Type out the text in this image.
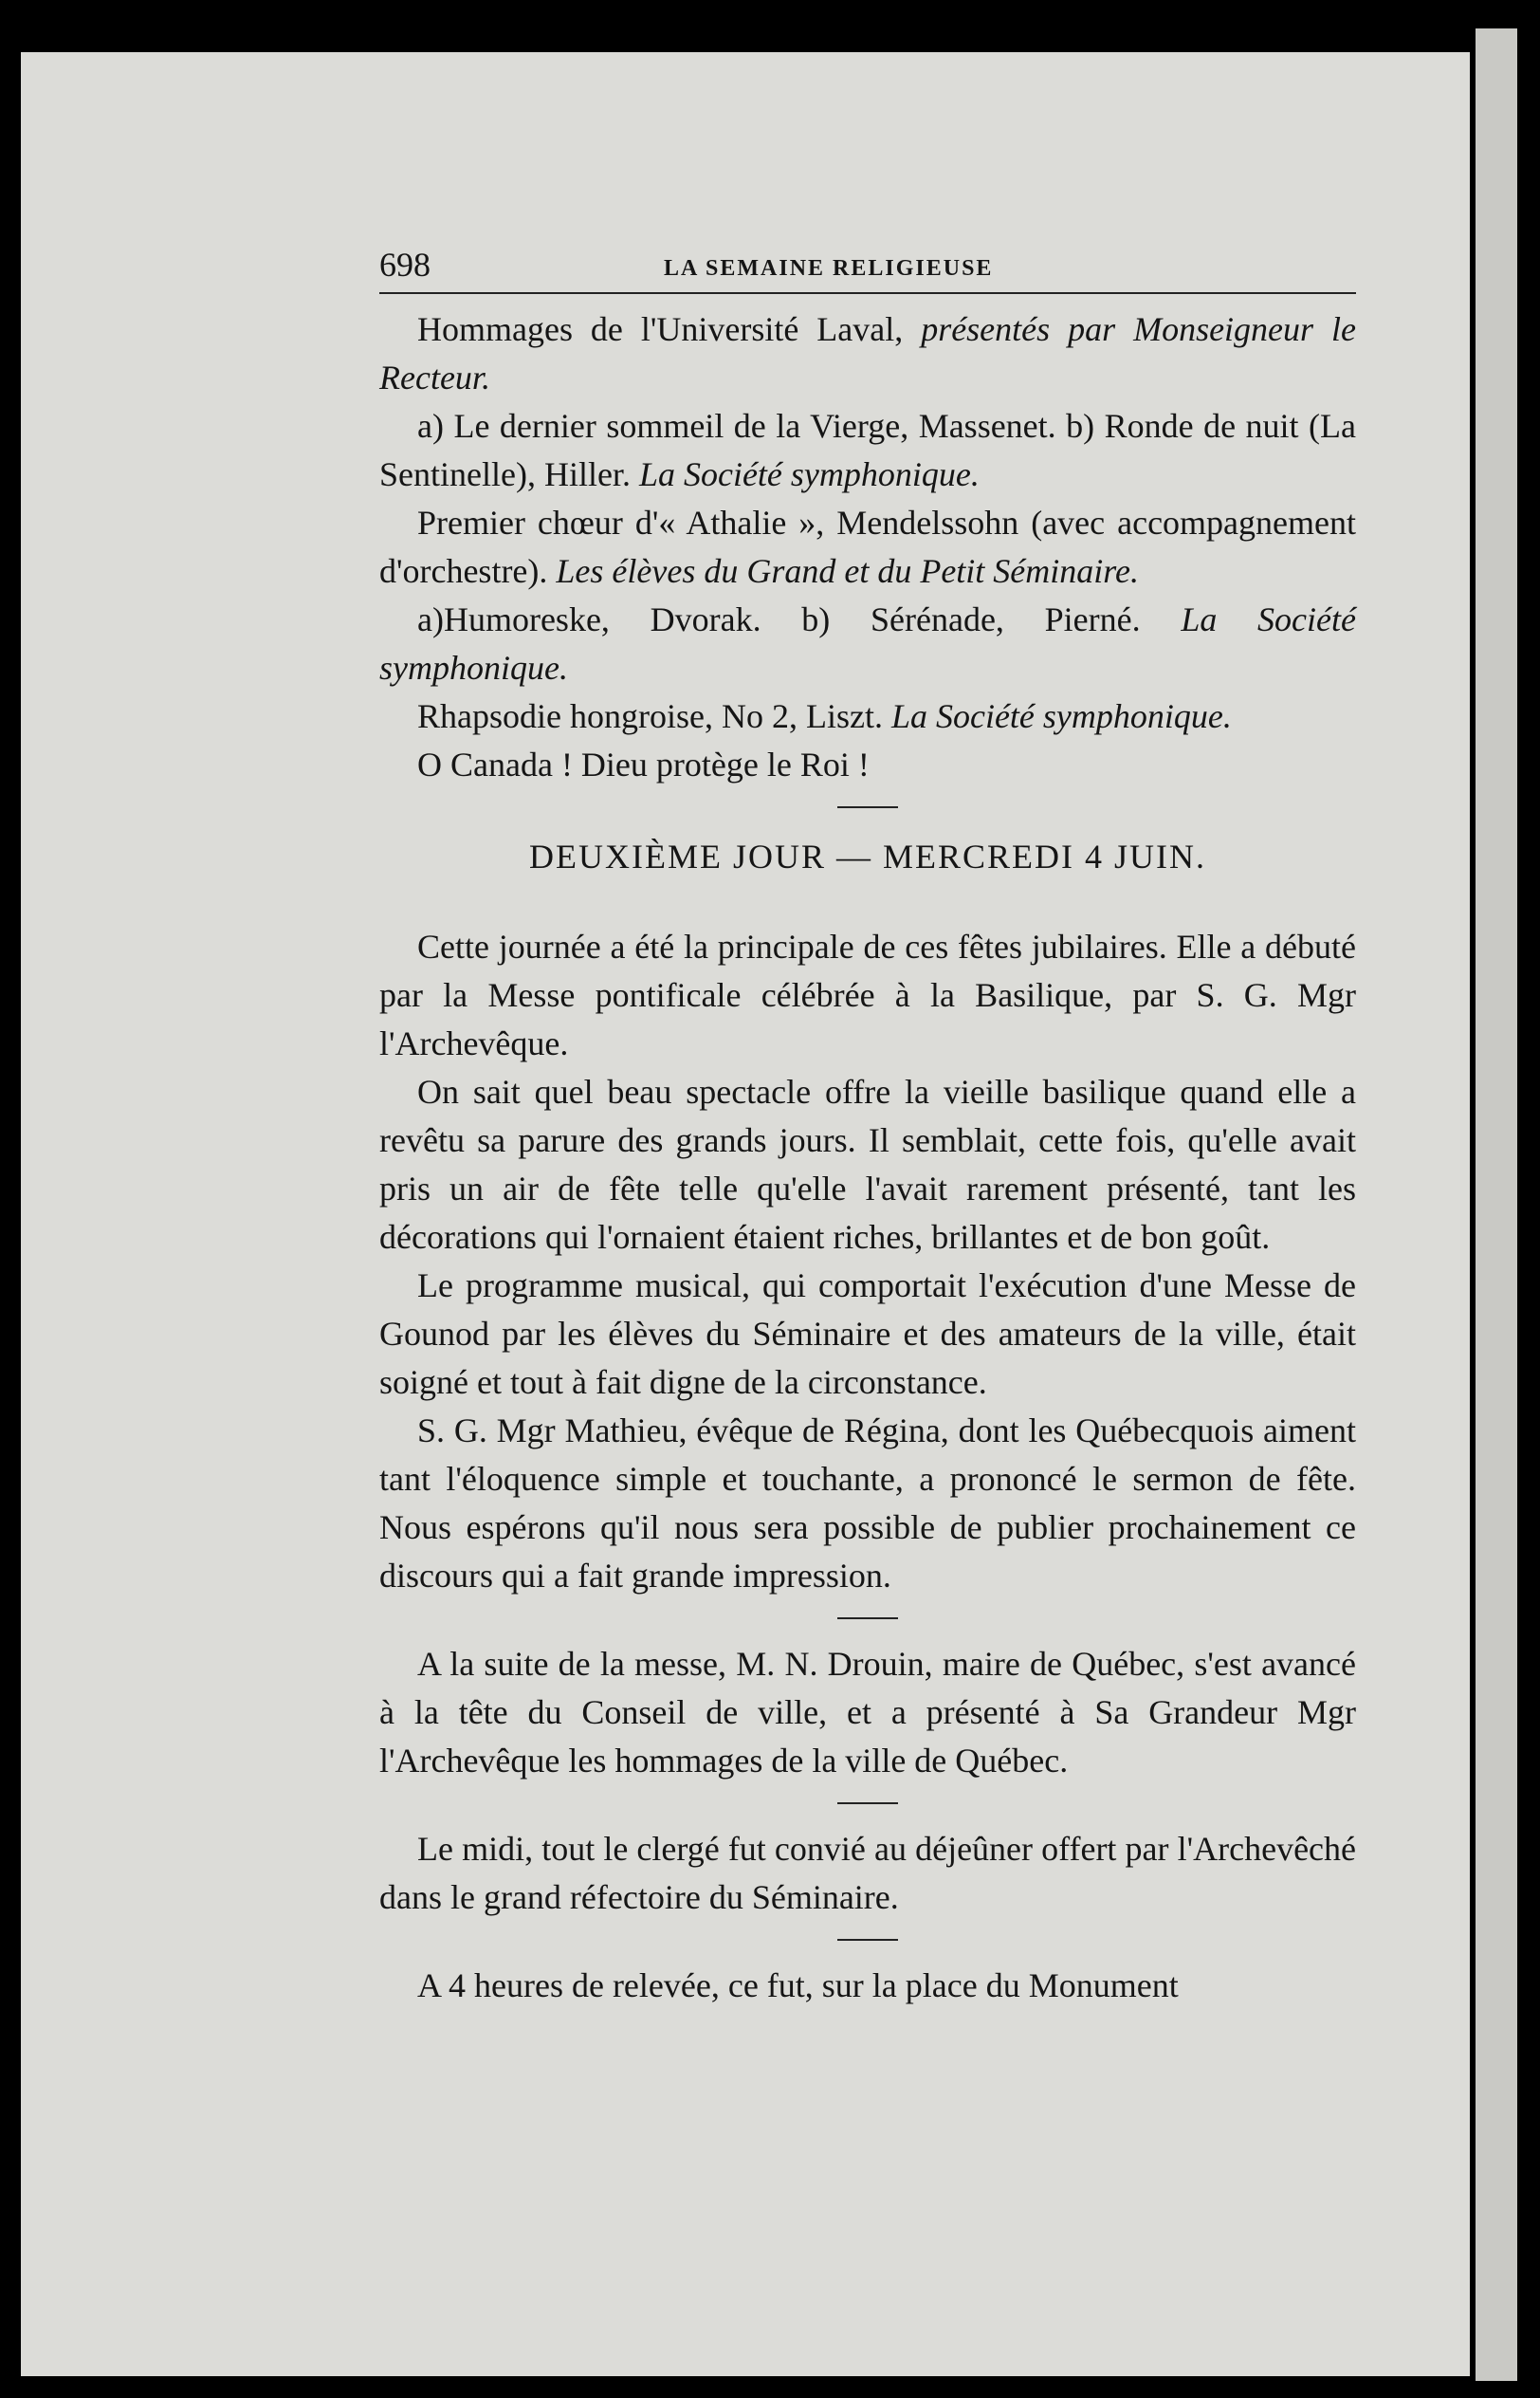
698	LA SEMAINE RELIGIEUSE

Hommages de l'Université Laval, présentés par Monseigneur le Recteur.

a) Le dernier sommeil de la Vierge, Massenet. b) Ronde de nuit (La Sentinelle), Hiller. La Société symphonique.

Premier chœur d'« Athalie », Mendelssohn (avec accompagnement d'orchestre). Les élèves du Grand et du Petit Séminaire.

a)Humoreske, Dvorak. b) Sérénade, Pierné. La Société symphonique.

Rhapsodie hongroise, No 2, Liszt. La Société symphonique.

O Canada ! Dieu protège le Roi !

DEUXIÈME JOUR — MERCREDI 4 JUIN.

Cette journée a été la principale de ces fêtes jubilaires. Elle a débuté par la Messe pontificale célébrée à la Basilique, par S. G. Mgr l'Archevêque.

On sait quel beau spectacle offre la vieille basilique quand elle a revêtu sa parure des grands jours. Il semblait, cette fois, qu'elle avait pris un air de fête telle qu'elle l'avait rarement présenté, tant les décorations qui l'ornaient étaient riches, brillantes et de bon goût.

Le programme musical, qui comportait l'exécution d'une Messe de Gounod par les élèves du Séminaire et des amateurs de la ville, était soigné et tout à fait digne de la circonstance.

S. G. Mgr Mathieu, évêque de Régina, dont les Québecquois aiment tant l'éloquence simple et touchante, a prononcé le sermon de fête. Nous espérons qu'il nous sera possible de publier prochainement ce discours qui a fait grande impression.

A la suite de la messe, M. N. Drouin, maire de Québec, s'est avancé à la tête du Conseil de ville, et a présenté à Sa Grandeur Mgr l'Archevêque les hommages de la ville de Québec.

Le midi, tout le clergé fut convié au déjeûner offert par l'Archevêché dans le grand réfectoire du Séminaire.

A 4 heures de relevée, ce fut, sur la place du Monument
